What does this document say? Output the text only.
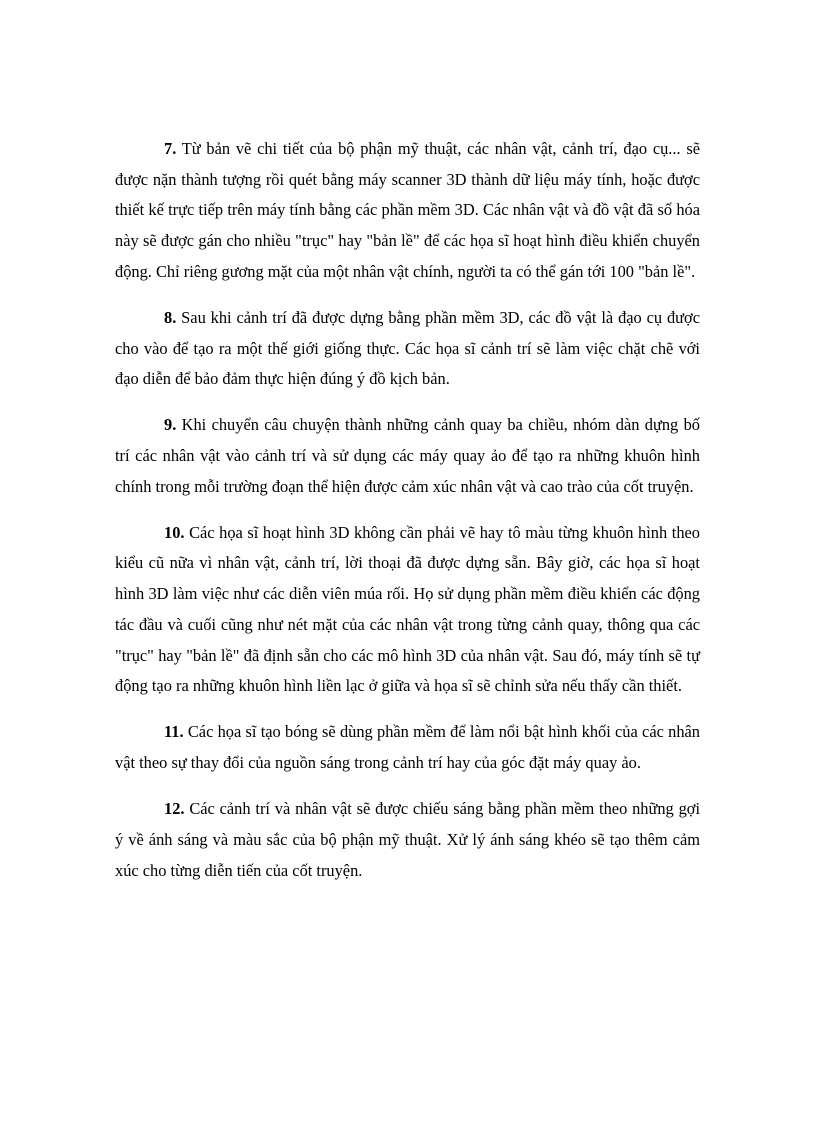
7. Từ bản vẽ chi tiết của bộ phận mỹ thuật, các nhân vật, cảnh trí, đạo cụ... sẽ được nặn thành tượng rồi quét bằng máy scanner 3D thành dữ liệu máy tính, hoặc được thiết kế trực tiếp trên máy tính bằng các phần mềm 3D. Các nhân vật và đồ vật đã số hóa này sẽ được gán cho nhiều "trục" hay "bản lề" để các họa sĩ hoạt hình điều khiển chuyển động. Chỉ riêng gương mặt của một nhân vật chính, người ta có thể gán tới 100 "bản lề".

8. Sau khi cảnh trí đã được dựng bằng phần mềm 3D, các đồ vật là đạo cụ được cho vào để tạo ra một thế giới giống thực. Các họa sĩ cảnh trí sẽ làm việc chặt chẽ với đạo diễn để bảo đảm thực hiện đúng ý đồ kịch bản.

9. Khi chuyển câu chuyện thành những cảnh quay ba chiều, nhóm dàn dựng bố trí các nhân vật vào cảnh trí và sử dụng các máy quay ảo để tạo ra những khuôn hình chính trong mỗi trường đoạn thể hiện được cảm xúc nhân vật và cao trào của cốt truyện.

10. Các họa sĩ hoạt hình 3D không cần phải vẽ hay tô màu từng khuôn hình theo kiểu cũ nữa vì nhân vật, cảnh trí, lời thoại đã được dựng sẵn. Bây giờ, các họa sĩ hoạt hình 3D làm việc như các diễn viên múa rối. Họ sử dụng phần mềm điều khiển các động tác đầu và cuối cũng như nét mặt của các nhân vật trong từng cảnh quay, thông qua các "trục" hay "bản lề" đã định sẵn cho các mô hình 3D của nhân vật. Sau đó, máy tính sẽ tự động tạo ra những khuôn hình liền lạc ở giữa và họa sĩ sẽ chỉnh sửa nếu thấy cần thiết.

11. Các họa sĩ tạo bóng sẽ dùng phần mềm để làm nổi bật hình khối của các nhân vật theo sự thay đổi của nguồn sáng trong cảnh trí hay của góc đặt máy quay ảo.

12. Các cảnh trí và nhân vật sẽ được chiếu sáng bằng phần mềm theo những gợi ý về ánh sáng và màu sắc của bộ phận mỹ thuật. Xử lý ánh sáng khéo sẽ tạo thêm cảm xúc cho từng diễn tiến của cốt truyện.
